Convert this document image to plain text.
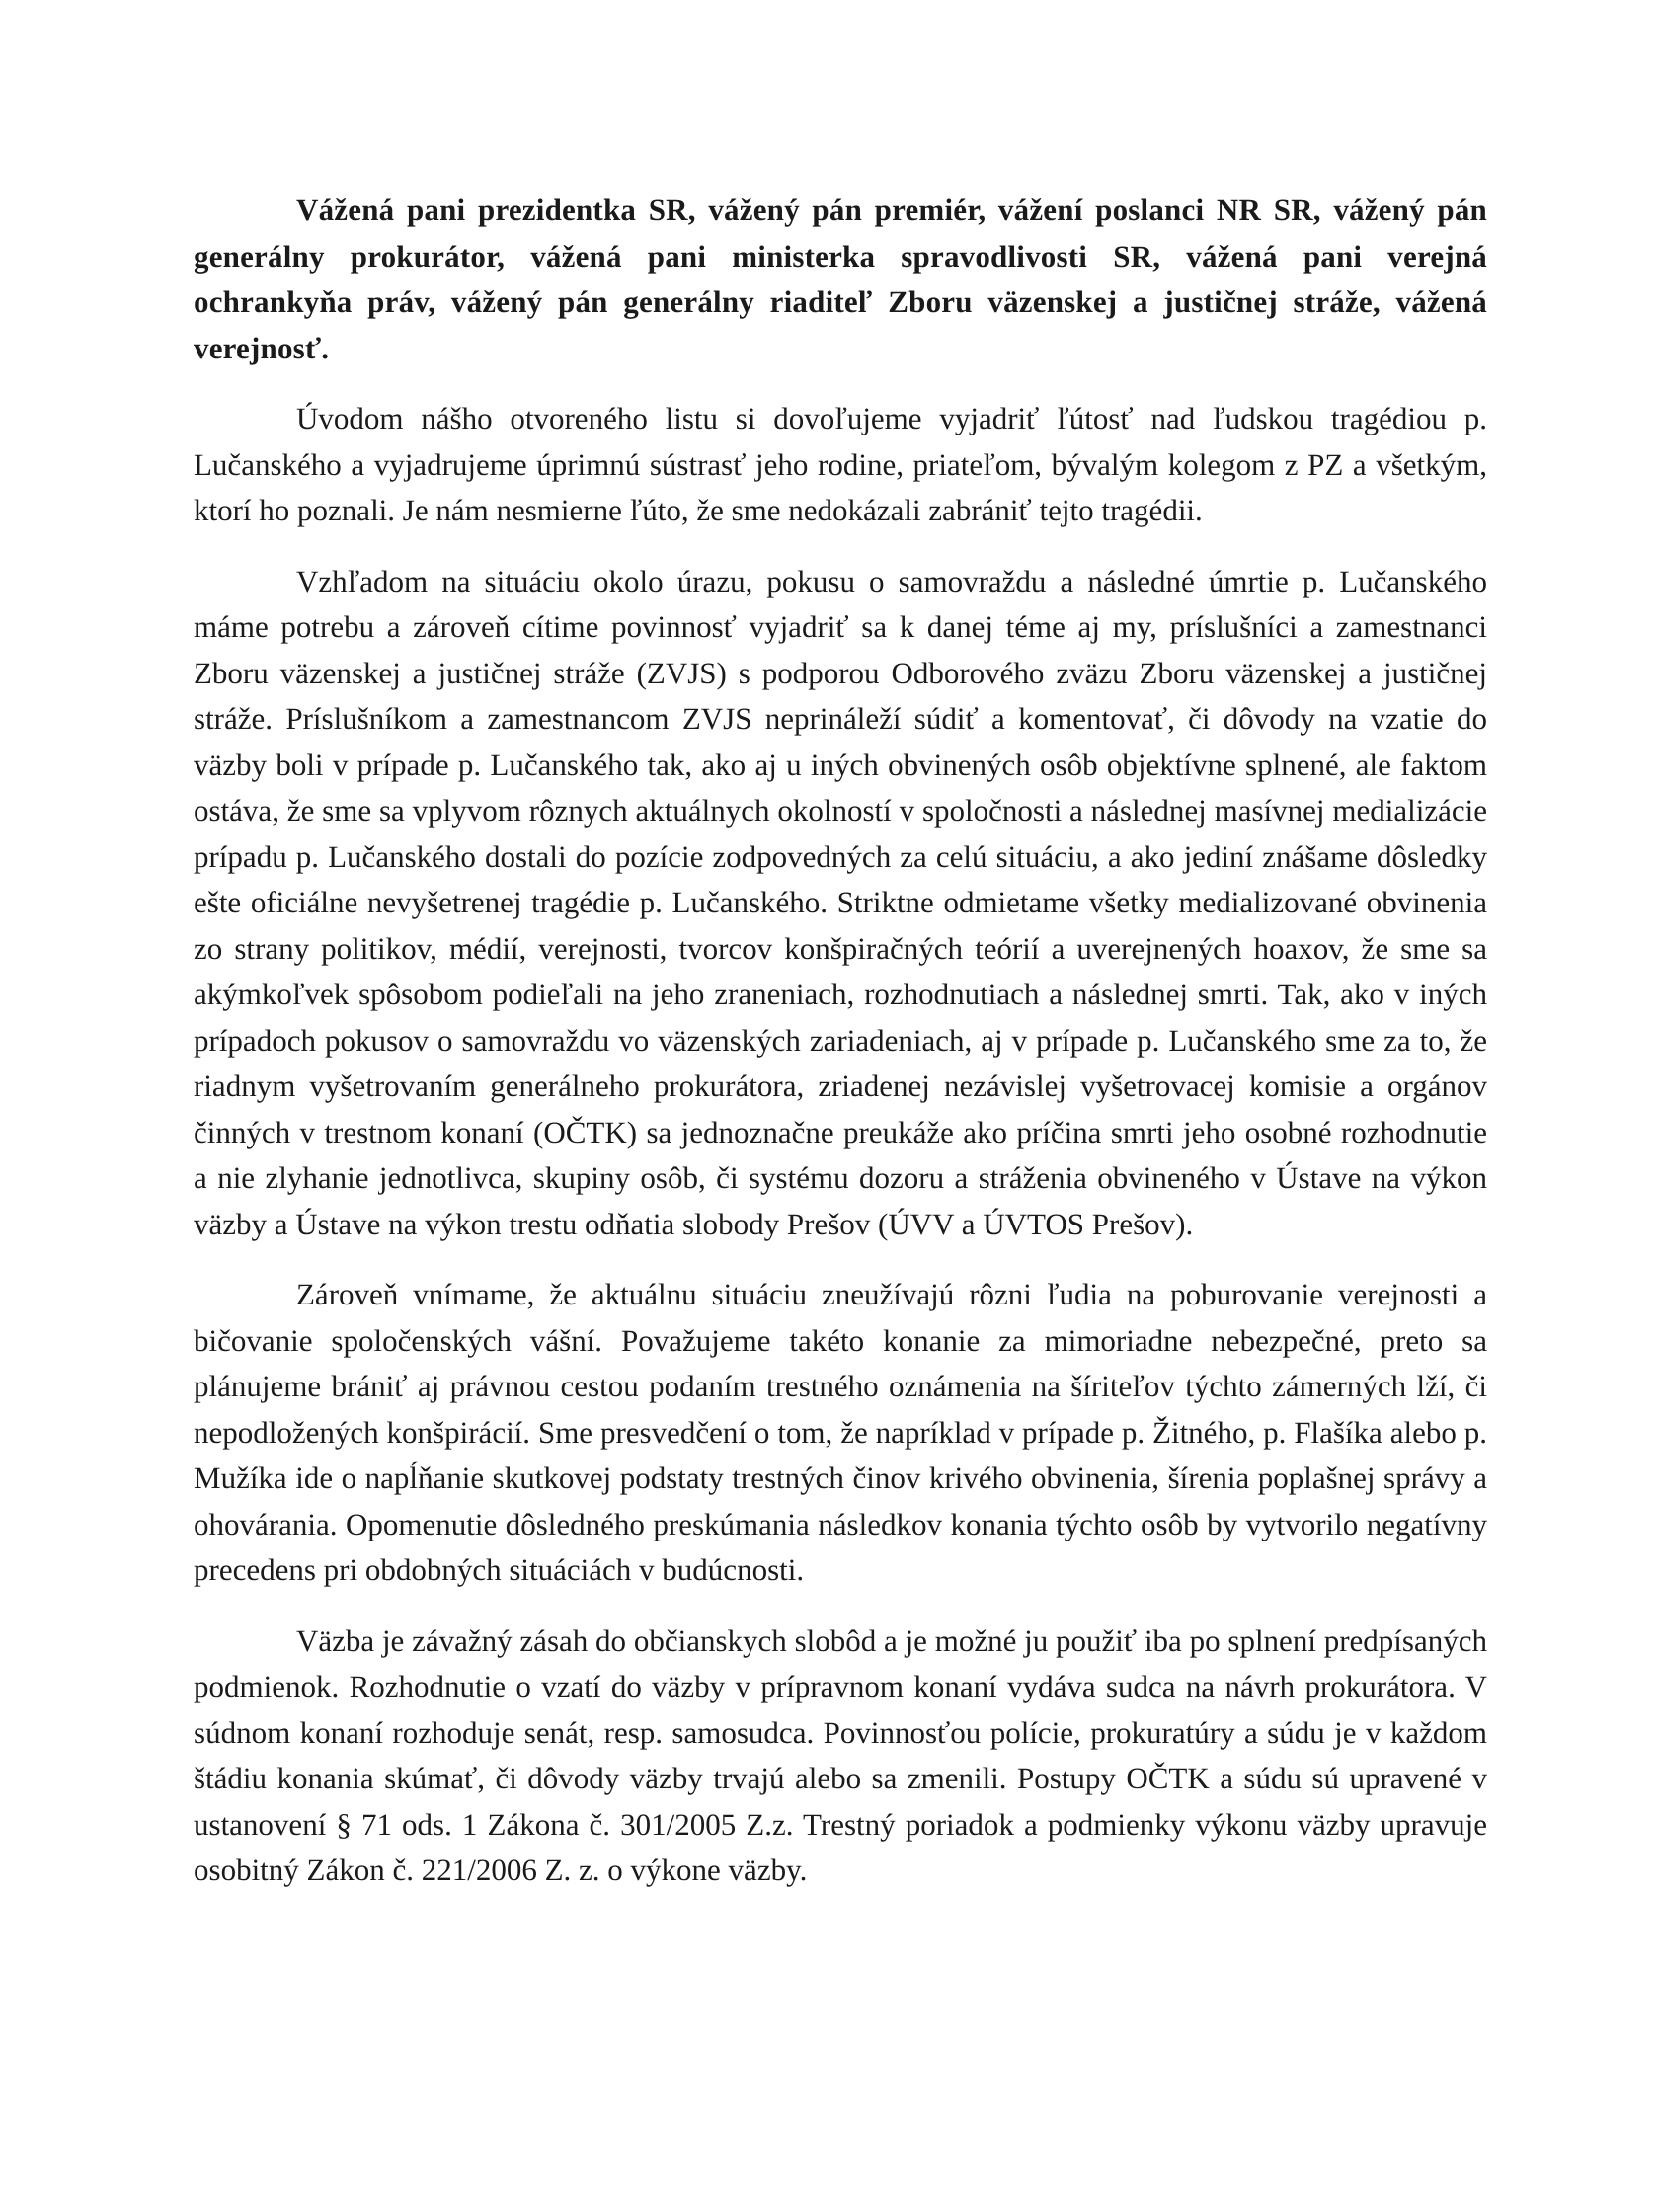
Vážená pani prezidentka SR, vážený pán premiér, vážení poslanci NR SR, vážený pán generálny prokurátor, vážená pani ministerka spravodlivosti SR, vážená pani verejná ochrankyňa práv, vážený pán generálny riaditeľ Zboru väzenskej a justičnej stráže, vážená verejnosť.

Úvodom nášho otvoreného listu si dovoľujeme vyjadriť ľútosť nad ľudskou tragédiou p. Lučanského a vyjadrujeme úprimnú sústrasť jeho rodine, priateľom, bývalým kolegom z PZ a všetkým, ktorí ho poznali. Je nám nesmierne ľúto, že sme nedokázali zabrániť tejto tragédii.

Vzhľadom na situáciu okolo úrazu, pokusu o samovraždu a následné úmrtie p. Lučanského máme potrebu a zároveň cítime povinnosť vyjadriť sa k danej téme aj my, príslušníci a zamestnanci Zboru väzenskej a justičnej stráže (ZVJS) s podporou Odborového zväzu Zboru väzenskej a justičnej stráže. Príslušníkom a zamestnancom ZVJS neprináleží súdiť a komentovať, či dôvody na vzatie do väzby boli v prípade p. Lučanského tak, ako aj u iných obvinených osôb objektívne splnené, ale faktom ostáva, že sme sa vplyvom rôznych aktuálnych okolností v spoločnosti a následnej masívnej medializácie prípadu p. Lučanského dostali do pozície zodpovedných za celú situáciu, a ako jediní znášame dôsledky ešte oficiálne nevyšetrenej tragédie p. Lučanského. Striktne odmietame všetky medializované obvinenia zo strany politikov, médií, verejnosti, tvorcov konšpiračných teórií a uverejnených hoaxov, že sme sa akýmkoľvek spôsobom podieľali na jeho zraneniach, rozhodnutiach a následnej smrti. Tak, ako v iných prípadoch pokusov o samovraždu vo väzenských zariadeniach, aj v prípade p. Lučanského sme za to, že riadnym vyšetrovaním generálneho prokurátora, zriadenej nezávislej vyšetrovacej komisie a orgánov činných v trestnom konaní (OČTK) sa jednoznačne preukáže ako príčina smrti jeho osobné rozhodnutie a nie zlyhanie jednotlivca, skupiny osôb, či systému dozoru a stráženia obvineného v Ústave na výkon väzby a Ústave na výkon trestu odňatia slobody Prešov (ÚVV a ÚVTOS Prešov).

Zároveň vnímame, že aktuálnu situáciu zneužívajú rôzni ľudia na poburovanie verejnosti a bičovanie spoločenských vášní. Považujeme takéto konanie za mimoriadne nebezpečné, preto sa plánujeme brániť aj právnou cestou podaním trestného oznámenia na šíriteľov týchto zámerných lží, či nepodložených konšpirácií. Sme presvedčení o tom, že napríklad v prípade p. Žitného, p. Flašíka alebo p. Mužíka ide o napĺňanie skutkovej podstaty trestných činov krivého obvinenia, šírenia poplašnej správy a ohovárania. Opomenutie dôsledného preskúmania následkov konania týchto osôb by vytvorilo negatívny precedens pri obdobných situáciách v budúcnosti.

Väzba je závažný zásah do občianskych slobôd a je možné ju použiť iba po splnení predpísaných podmienok. Rozhodnutie o vzatí do väzby v prípravnom konaní vydáva sudca na návrh prokurátora. V súdnom konaní rozhoduje senát, resp. samosudca. Povinnosťou polície, prokuratúry a súdu je v každom štádiu konania skúmať, či dôvody väzby trvajú alebo sa zmenili. Postupy OČTK a súdu sú upravené v ustanovení § 71 ods. 1 Zákona č. 301/2005 Z.z. Trestný poriadok a podmienky výkonu väzby upravuje osobitný Zákon č. 221/2006 Z. z. o výkone väzby.
